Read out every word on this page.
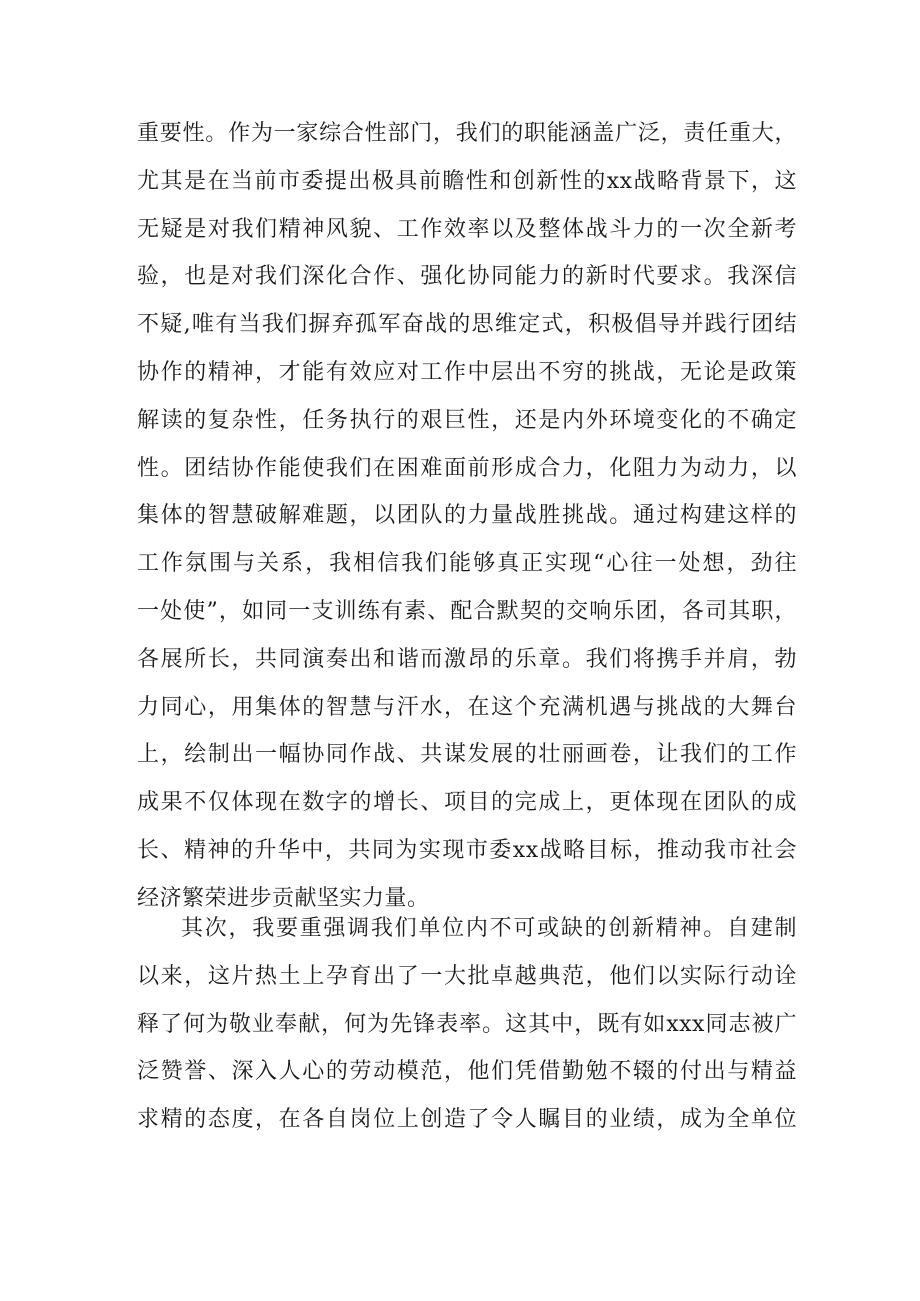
重要性。作为一家综合性部门，我们的职能涵盖广泛，责任重大，
尤其是在当前市委提出极具前瞻性和创新性的xx战略背景下，这
无疑是对我们精神风貌、工作效率以及整体战斗力的一次全新考
验，也是对我们深化合作、强化协同能力的新时代要求。我深信
不疑,唯有当我们摒弃孤军奋战的思维定式，积极倡导并践行团结
协作的精神，才能有效应对工作中层出不穷的挑战，无论是政策
解读的复杂性，任务执行的艰巨性，还是内外环境变化的不确定
性。团结协作能使我们在困难面前形成合力，化阻力为动力，以
集体的智慧破解难题，以团队的力量战胜挑战。通过构建这样的
工作氛围与关系，我相信我们能够真正实现“心往一处想，劲往
一处使”，如同一支训练有素、配合默契的交响乐团，各司其职，
各展所长，共同演奏出和谐而激昂的乐章。我们将携手并肩，勃
力同心，用集体的智慧与汗水，在这个充满机遇与挑战的大舞台
上，绘制出一幅协同作战、共谋发展的壮丽画卷，让我们的工作
成果不仅体现在数字的增长、项目的完成上，更体现在团队的成
长、精神的升华中，共同为实现市委xx战略目标，推动我市社会
经济繁荣进步贡献坚实力量。
其次，我要重强调我们单位内不可或缺的创新精神。自建制
以来，这片热土上孕育出了一大批卓越典范，他们以实际行动诠
释了何为敬业奉献，何为先锋表率。这其中，既有如xxx同志被广
泛赞誉、深入人心的劳动模范，他们凭借勤勉不辍的付出与精益
求精的态度，在各自岗位上创造了令人瞩目的业绩，成为全单位
